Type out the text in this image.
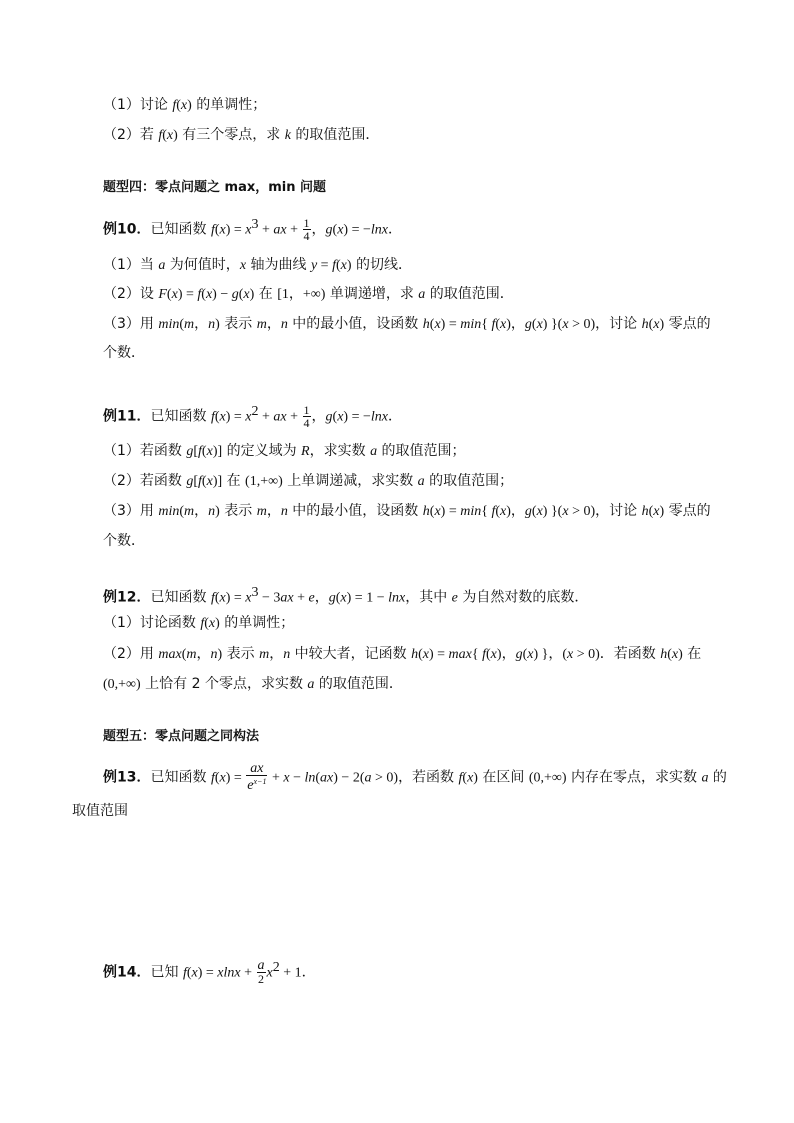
（1）讨论 f(x) 的单调性；
（2）若 f(x) 有三个零点，求 k 的取值范围．
题型四：零点问题之 max，min 问题
例10．已知函数 $f(x) = x^3$ + ax + $\frac{1}{4}$ ，g(x) = −lnx．
（1）当 a 为何值时，x 轴为曲线 y = f(x) 的切线．
（2）设 F(x) = f(x) − g(x) 在 [1，+∞) 单调递增，求 a 的取值范围．
（3）用 min(m，n) 表示 m，n 中的最小值，设函数 h(x) = min{ f(x)，g(x) }(x > 0)，讨论 h(x) 零点的
个数．
例11．已知函数 $f(x) = x^2$ + ax + $\frac{1}{4}$ ，g(x) = −lnx．
（1）若函数 g[f(x)] 的定义域为 R，求实数 a 的取值范围；
（2）若函数 g[f(x)] 在 (1,+∞) 上单调递减，求实数 a 的取值范围；
（3）用 min(m，n) 表示 m，n 中的最小值，设函数 h(x) = min{ f(x)，g(x) }(x > 0)，讨论 h(x) 零点的
个数．
例12．已知函数 $f(x) = x^3 - 3ax + e$，g(x) = 1 − lnx，其中 e 为自然对数的底数．
（1）讨论函数 f(x) 的单调性；
（2）用 max(m，n) 表示 m，n 中较大者，记函数 h(x) = max{ f(x)，g(x) }，(x > 0)．若函数 h(x) 在
(0,+∞) 上恰有 2 个零点，求实数 a 的取值范围．
题型五：零点问题之同构法
例13．已知函数 $f(x) = \frac{ax}{e^{x-1}} + x - \ln(ax) - 2(a > 0)$，若函数 f(x) 在区间 (0,+∞) 内存在零点，求实数 a 的
取值范围
例14．已知 $f(x) = xlnx + \frac{a}{2} x^2 + 1$．
